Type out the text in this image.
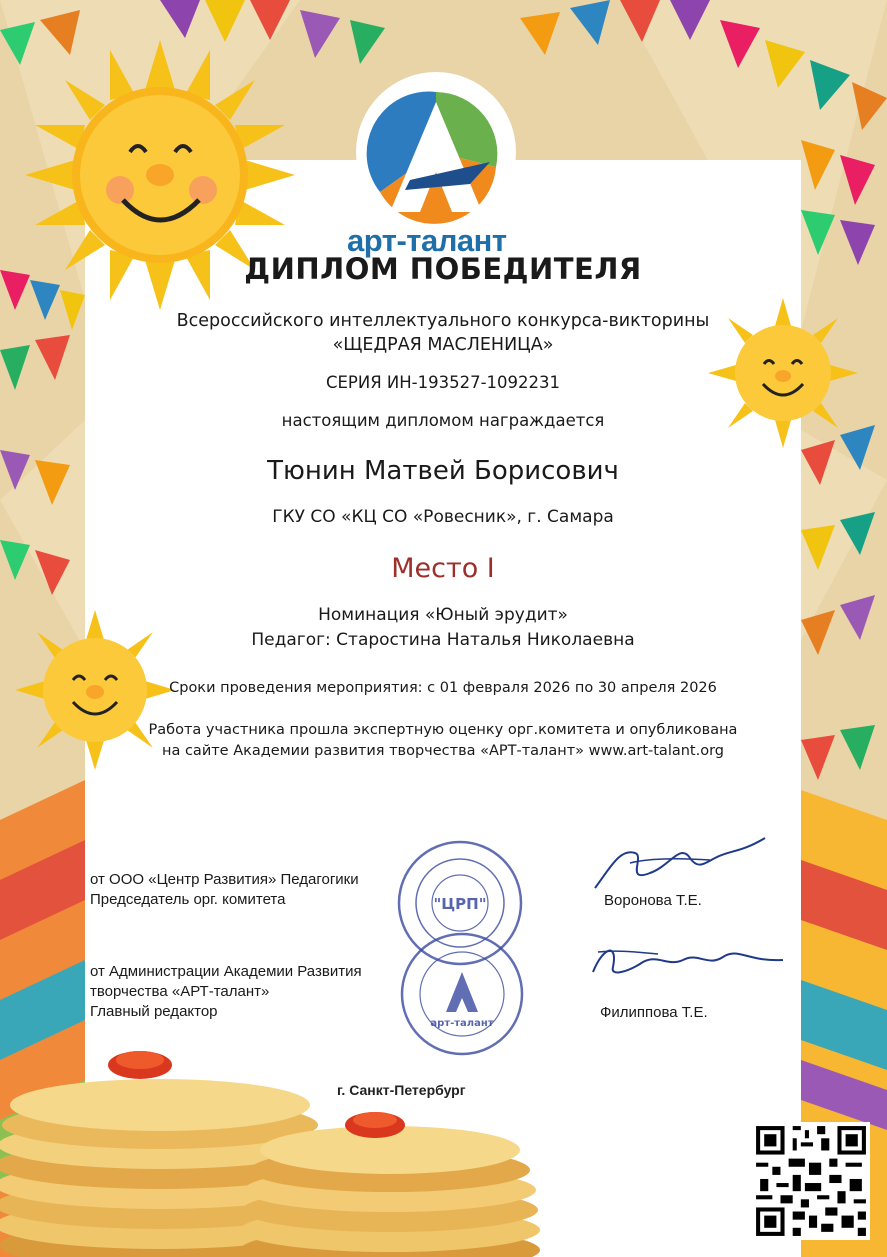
арт-талант
ДИПЛОМ ПОБЕДИТЕЛЯ
Всероссийского интеллектуального конкурса-викторины
«ЩЕДРАЯ МАСЛЕНИЦА»
СЕРИЯ ИН-193527-1092231
настоящим дипломом награждается
Тюнин Матвей Борисович
ГКУ СО «КЦ СО «Ровесник», г. Самара
Место I
Номинация «Юный эрудит»
Педагог: Старостина Наталья Николаевна
Сроки проведения мероприятия: с 01 февраля 2026 по 30 апреля 2026
Работа участника прошла экспертную оценку орг.комитета и опубликована
на сайте Академии развития творчества «АРТ-талант» www.art-talant.org
"ЦРП"
арт-талант
от ООО «Центр Развития» Педагогики
Председатель орг. комитета	Воронова Т.Е.
от Администрации Академии Развития
творчества «АРТ-талант»
Главный редактор	Филиппова Т.Е.
г. Санкт-Петербург
